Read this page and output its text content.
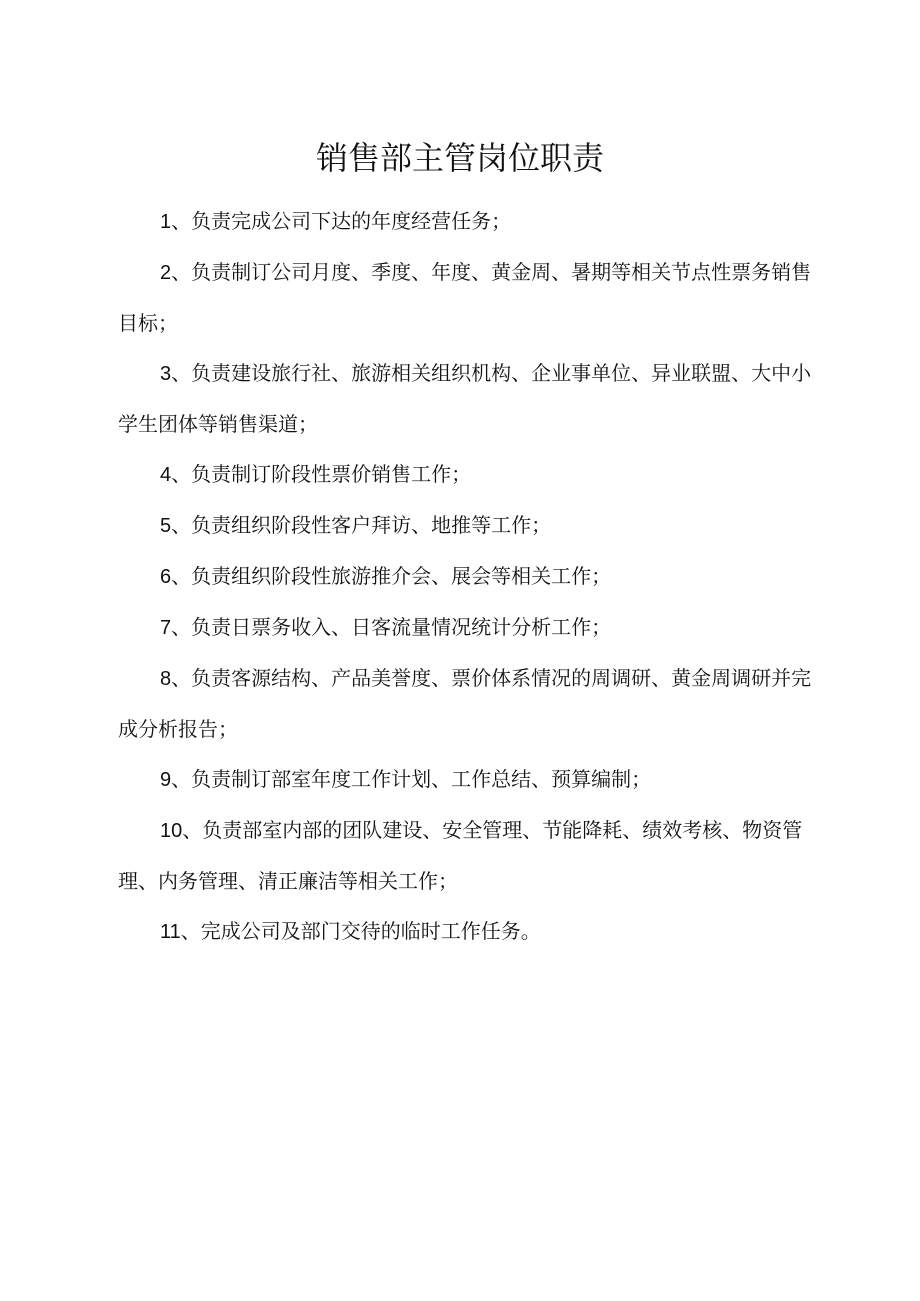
销售部主管岗位职责
1、负责完成公司下达的年度经营任务；
2、负责制订公司月度、季度、年度、黄金周、暑期等相关节点性票务销售目标；
3、负责建设旅行社、旅游相关组织机构、企业事单位、异业联盟、大中小学生团体等销售渠道；
4、负责制订阶段性票价销售工作；
5、负责组织阶段性客户拜访、地推等工作；
6、负责组织阶段性旅游推介会、展会等相关工作；
7、负责日票务收入、日客流量情况统计分析工作；
8、负责客源结构、产品美誉度、票价体系情况的周调研、黄金周调研并完成分析报告；
9、负责制订部室年度工作计划、工作总结、预算编制；
10、负责部室内部的团队建设、安全管理、节能降耗、绩效考核、物资管理、内务管理、清正廉洁等相关工作；
11、完成公司及部门交待的临时工作任务。
